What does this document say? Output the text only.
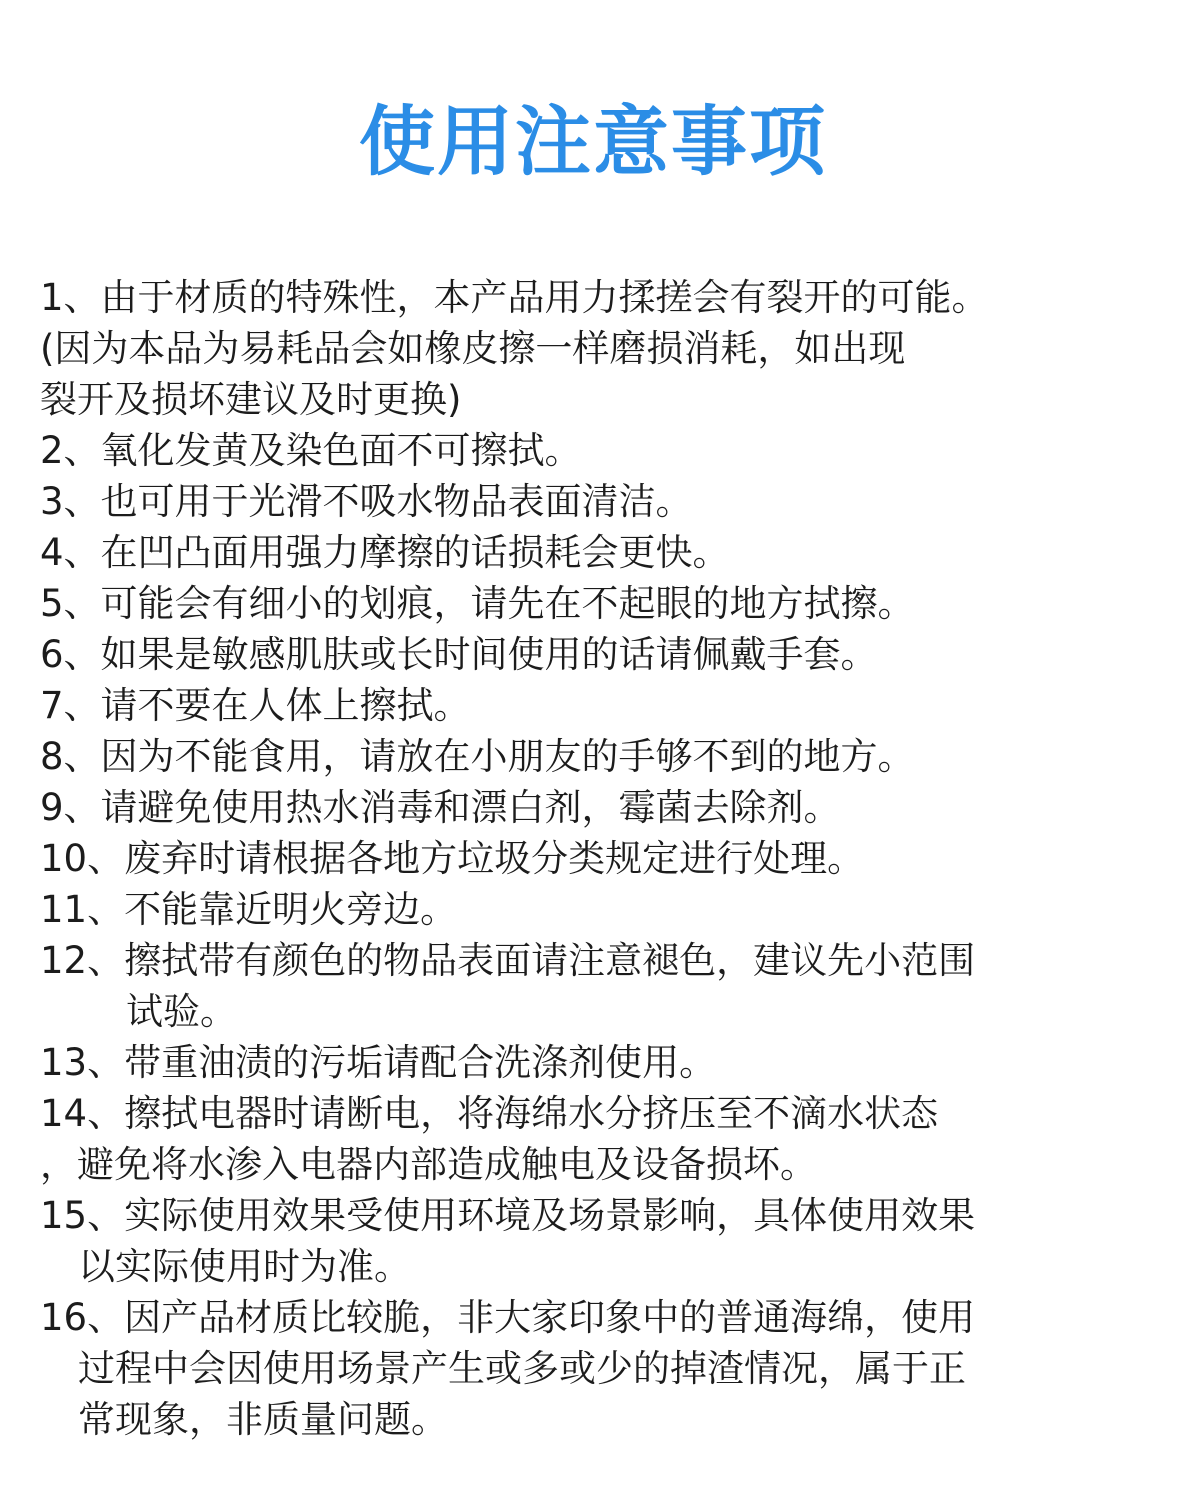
使用注意事项
1、由于材质的特殊性，本产品用力揉搓会有裂开的可能。
(因为本品为易耗品会如橡皮擦一样磨损消耗，如出现
裂开及损坏建议及时更换)
2、氧化发黄及染色面不可擦拭。
3、也可用于光滑不吸水物品表面清洁。
4、在凹凸面用强力摩擦的话损耗会更快。
5、可能会有细小的划痕，请先在不起眼的地方拭擦。
6、如果是敏感肌肤或长时间使用的话请佩戴手套。
7、请不要在人体上擦拭。
8、因为不能食用，请放在小朋友的手够不到的地方。
9、请避免使用热水消毒和漂白剂，霉菌去除剂。
10、废弃时请根据各地方垃圾分类规定进行处理。
11、不能靠近明火旁边。
12、擦拭带有颜色的物品表面请注意褪色，建议先小范围
试验。
13、带重油渍的污垢请配合洗涤剂使用。
14、擦拭电器时请断电，将海绵水分挤压至不滴水状态
，避免将水渗入电器内部造成触电及设备损坏。
15、实际使用效果受使用环境及场景影响，具体使用效果
以实际使用时为准。
16、因产品材质比较脆，非大家印象中的普通海绵，使用
过程中会因使用场景产生或多或少的掉渣情况，属于正
常现象，非质量问题。
